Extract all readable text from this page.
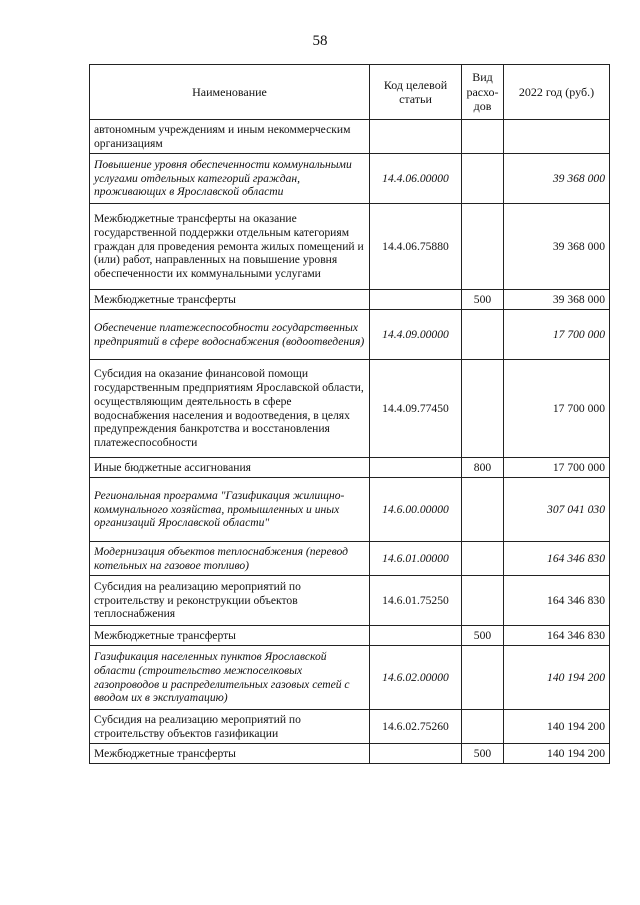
58
Наименование	Код целевой статьи	Вид расхо-дов	2022 год (руб.)
автономным учреждениям и иным некоммерческим организациям			
Повышение уровня обеспеченности коммунальными услугами отдельных категорий граждан, проживающих в Ярославской области	14.4.06.00000		39 368 000
Межбюджетные трансферты на оказание государственной поддержки отдельным категориям граждан для проведения ремонта жилых помещений и (или) работ, направленных на повышение уровня обеспеченности их коммунальными услугами	14.4.06.75880		39 368 000
Межбюджетные трансферты		500	39 368 000
Обеспечение платежеспособности государственных предприятий в сфере водоснабжения (водоотведения)	14.4.09.00000		17 700 000
Субсидия на оказание финансовой помощи государственным предприятиям Ярославской области, осуществляющим деятельность в сфере водоснабжения населения и водоотведения, в целях предупреждения банкротства и восстановления платежеспособности	14.4.09.77450		17 700 000
Иные бюджетные ассигнования		800	17 700 000
Региональная программа "Газификация жилищно-коммунального хозяйства, промышленных и иных организаций Ярославской области"	14.6.00.00000		307 041 030
Модернизация объектов теплоснабжения (перевод котельных на газовое топливо)	14.6.01.00000		164 346 830
Субсидия на реализацию мероприятий по строительству и реконструкции объектов теплоснабжения	14.6.01.75250		164 346 830
Межбюджетные трансферты		500	164 346 830
Газификация населенных пунктов Ярославской области (строительство межпоселковых газопроводов и распределительных газовых сетей с вводом их в эксплуатацию)	14.6.02.00000		140 194 200
Субсидия на реализацию мероприятий по строительству объектов газификации	14.6.02.75260		140 194 200
Межбюджетные трансферты		500	140 194 200
